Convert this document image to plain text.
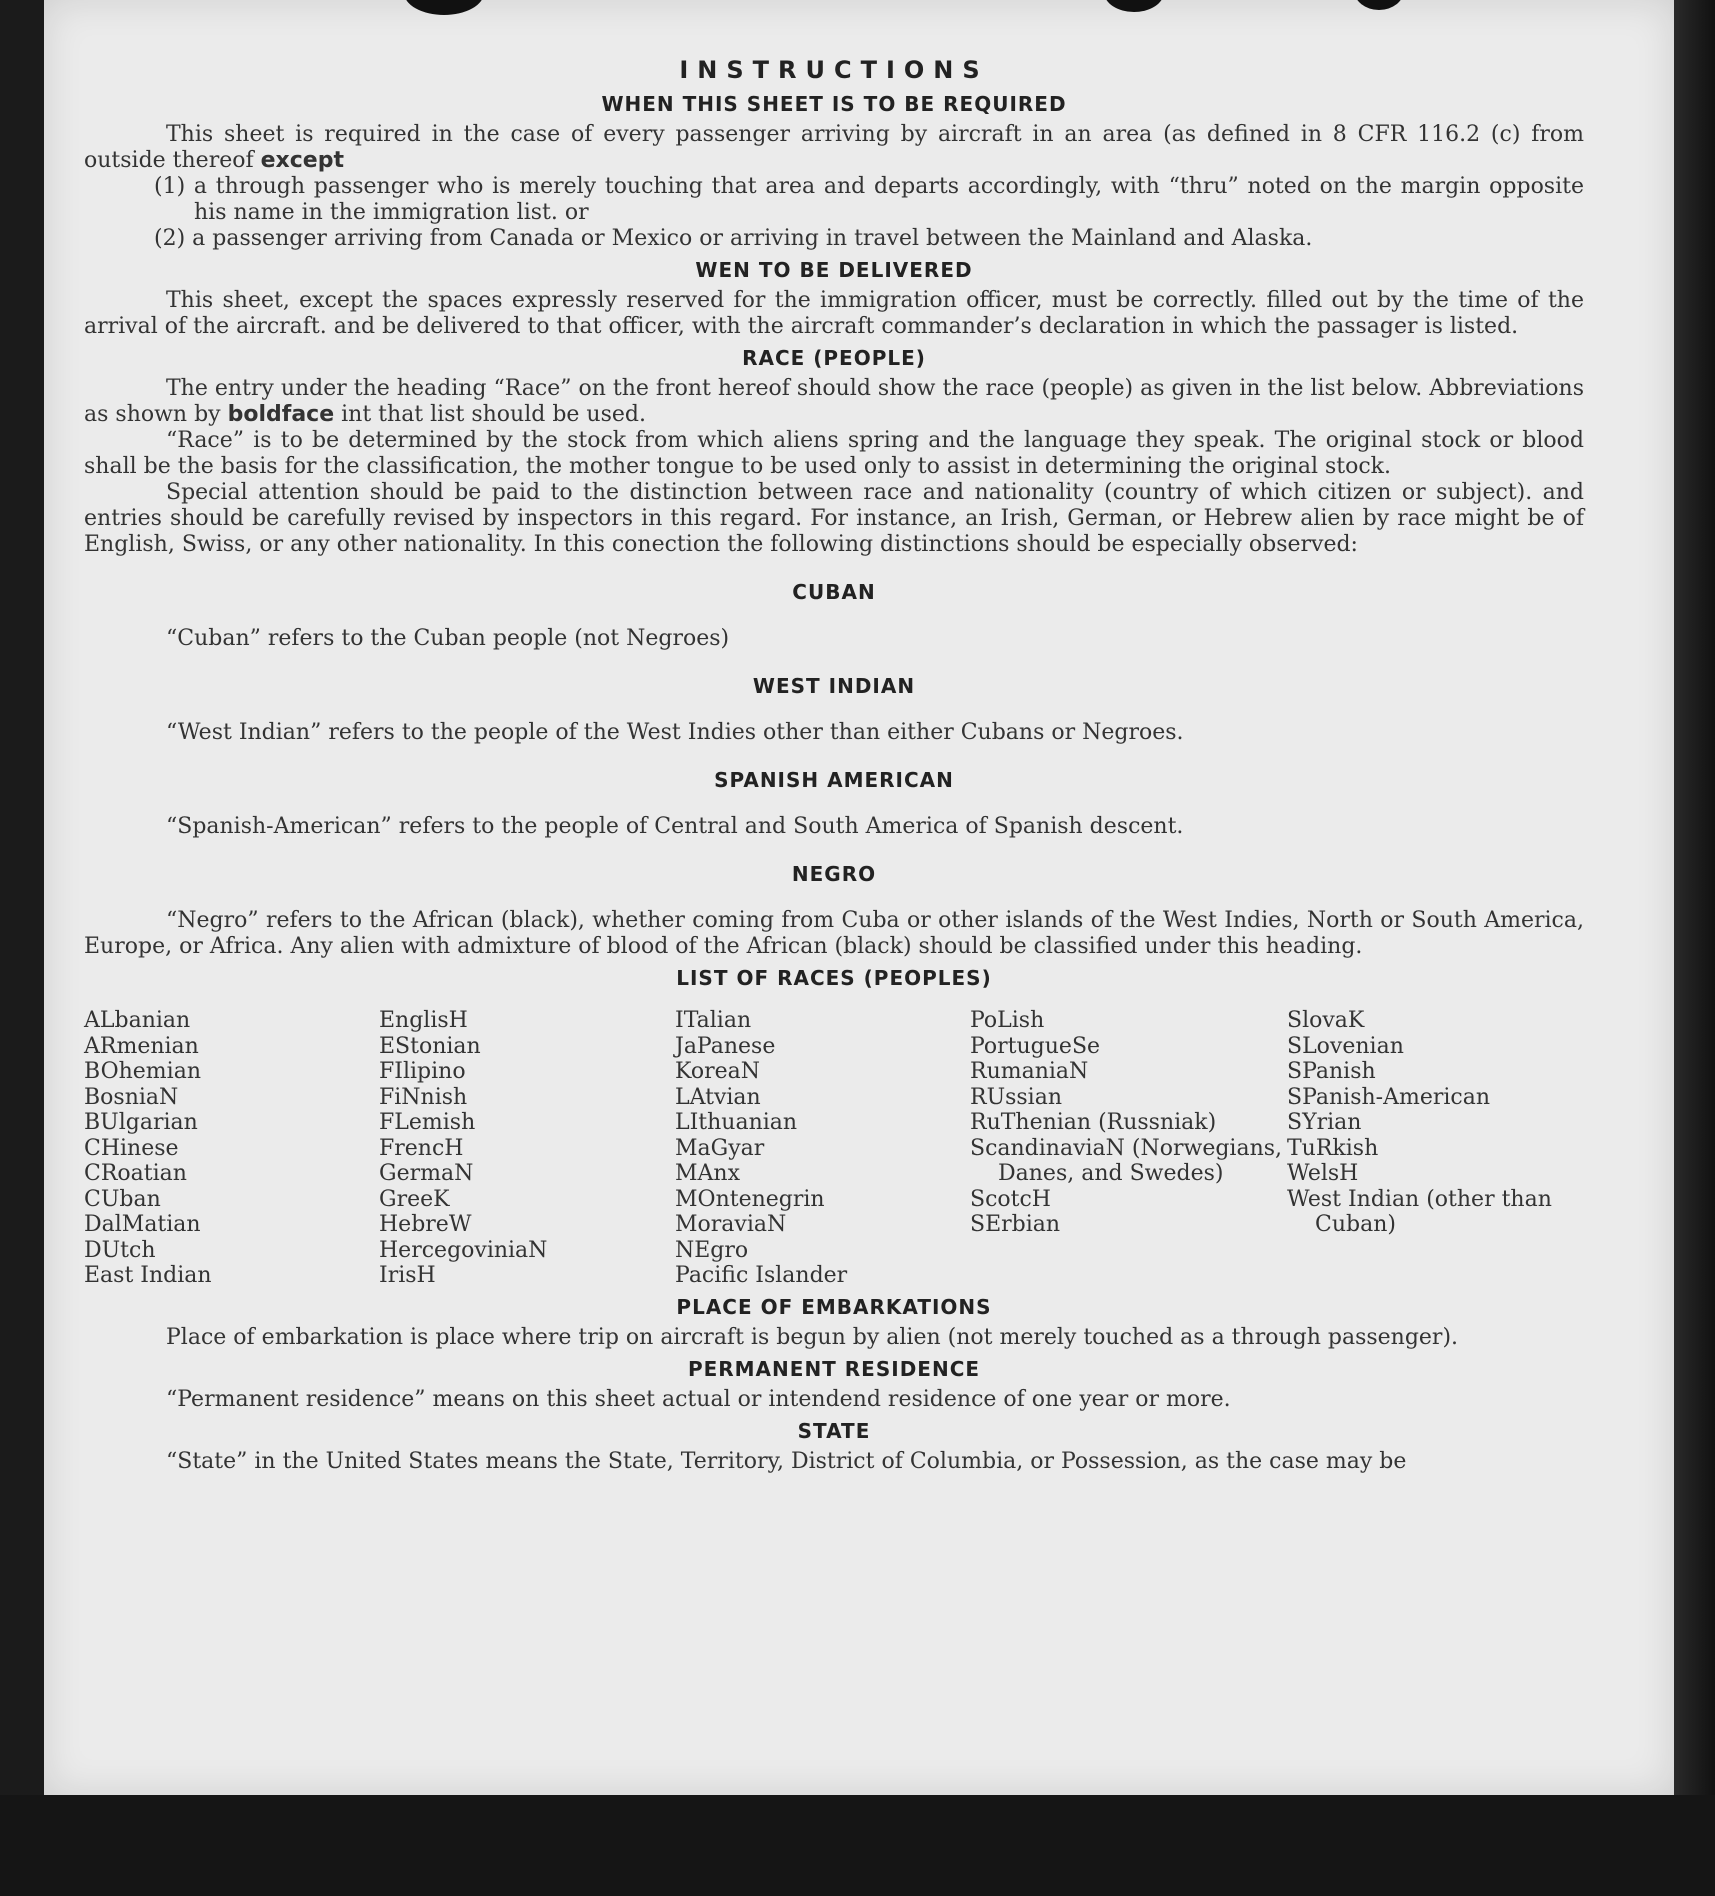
INSTRUCTIONS
WHEN THIS SHEET IS TO BE REQUIRED

This sheet is required in the case of every passenger arriving by aircraft in an area (as defined in 8 CFR 116.2 (c) from outside thereof except

(1) a through passenger who is merely touching that area and departs accordingly, with “thru” noted on the margin opposite his name in the immigration list. or
(2) a passenger arriving from Canada or Mexico or arriving in travel between the Mainland and Alaska.
WEN TO BE DELIVERED

This sheet, except the spaces expressly reserved for the immigration officer, must be correctly. filled out by the time of the arrival of the aircraft. and be delivered to that officer, with the aircraft commander’s declaration in which the passager is listed.

RACE (PEOPLE)

The entry under the heading “Race” on the front hereof should show the race (people) as given in the list below. Abbreviations as shown by boldface int that list should be used.

“Race” is to be determined by the stock from which aliens spring and the language they speak. The original stock or blood shall be the basis for the classification, the mother tongue to be used only to assist in determining the original stock.

Special attention should be paid to the distinction between race and nationality (country of which citizen or subject). and entries should be carefully revised by inspectors in this regard. For instance, an Irish, German, or Hebrew alien by race might be of English, Swiss, or any other nationality. In this conection the following distinctions should be especially observed:

CUBAN

“Cuban” refers to the Cuban people (not Negroes)

WEST INDIAN

“West Indian” refers to the people of the West Indies other than either Cubans or Negroes.

SPANISH AMERICAN

“Spanish-American” refers to the people of Central and South America of Spanish descent.

NEGRO

“Negro” refers to the African (black), whether coming from Cuba or other islands of the West Indies, North or South America, Europe, or Africa. Any alien with admixture of blood of the African (black) should be classified under this heading.

LIST OF RACES (PEOPLES)
ALbanian
ARmenian
BOhemian
BosniaN
BUlgarian
CHinese
CRoatian
CUban
DalMatian
DUtch
East Indian
EnglisH
EStonian
FIlipino
FiNnish
FLemish
FrencH
GermaN
GreeK
HebreW
HercegoviniaN
IrisH
ITalian
JaPanese
KoreaN
LAtvian
LIthuanian
MaGyar
MAnx
MOntenegrin
MoraviaN
NEgro
Pacific Islander
PoLish
PortugueSe
RumaniaN
RUssian
RuThenian (Russniak)
ScandinaviaN (Norwegians, Danes, and Swedes)
ScotcH
SErbian
SlovaK
SLovenian
SPanish
SPanish-American
SYrian
TuRkish
WelsH
West Indian (other than Cuban)
PLACE OF EMBARKATIONS

Place of embarkation is place where trip on aircraft is begun by alien (not merely touched as a through passenger).

PERMANENT RESIDENCE

“Permanent residence” means on this sheet actual or intendend residence of one year or more.

STATE

“State” in the United States means the State, Territory, District of Columbia, or Possession, as the case may be
